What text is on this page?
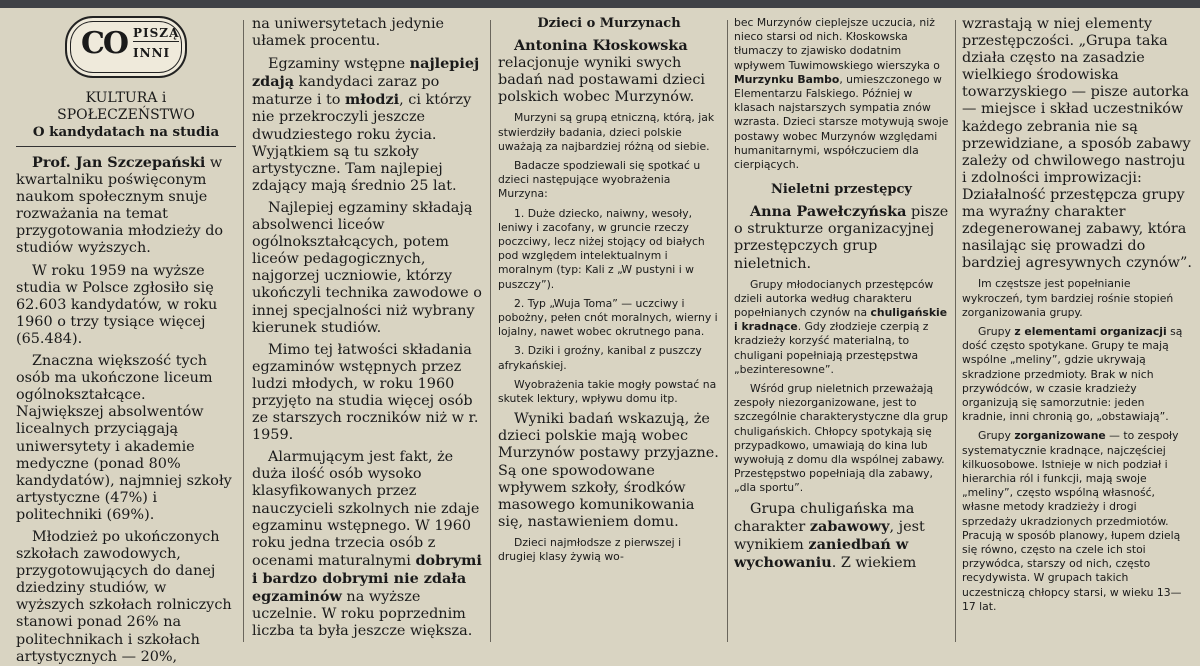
CO PISZĄ
INNI

KULTURA i SPOŁECZEŃSTWO

O kandydatach na studia

Prof. Jan Szczepański w kwartalniku poświęconym naukom społecznym snuje rozważania na temat przygotowania młodzieży do studiów wyższych.

W roku 1959 na wyższe studia w Polsce zgłosiło się 62.603 kandydatów, w roku 1960 o trzy tysiące więcej (65.484).

Znaczna większość tych osób ma ukończone liceum ogólnokształcące. Największej absolwentów licealnych przyciągają uniwersytety i akademie medyczne (ponad 80% kandydatów), najmniej szkoły artystyczne (47%) i politechniki (69%).

Młodzież po ukończonych szkołach zawodowych, przygotowujących do danej dziedziny studiów, w wyższych szkołach rolniczych stanowi ponad 26% na politechnikach i szkołach artystycznych — 20%,

na uniwersytetach jedynie ułamek procentu.

Egzaminy wstępne najlepiej zdają kandydaci zaraz po maturze i to młodzi, ci którzy nie przekroczyli jeszcze dwudziestego roku życia. Wyjątkiem są tu szkoły artystyczne. Tam najlepiej zdający mają średnio 25 lat.

Najlepiej egzaminy składają absolwenci liceów ogólnokształcących, potem liceów pedagogicznych, najgorzej uczniowie, którzy ukończyli technika zawodowe o innej specjalności niż wybrany kierunek studiów.

Mimo tej łatwości składania egzaminów wstępnych przez ludzi młodych, w roku 1960 przyjęto na studia więcej osób ze starszych roczników niż w r. 1959.

Alarmującym jest fakt, że duża ilość osób wysoko klasyfikowanych przez nauczycieli szkolnych nie zdaje egzaminu wstępnego. W 1960 roku jedna trzecia osób z ocenami maturalnymi dobrymi i bardzo dobrymi nie zdała egzaminów na wyższe uczelnie. W roku poprzednim liczba ta była jeszcze większa.

Dzieci o Murzynach

Antonina Kłoskowska relacjonuje wyniki swych badań nad postawami dzieci polskich wobec Murzynów.

Murzyni są grupą etniczną, którą, jak stwierdziły badania, dzieci polskie uważają za najbardziej różną od siebie.

Badacze spodziewali się spotkać u dzieci następujące wyobrażenia Murzyna:

1. Duże dziecko, naiwny, wesoły, leniwy i zacofany, w gruncie rzeczy poczciwy, lecz niżej stojący od białych pod względem intelektualnym i moralnym (typ: Kali z „W pustyni i w puszczy”).

2. Typ „Wuja Toma” — uczciwy i pobożny, pełen cnót moralnych, wierny i lojalny, nawet wobec okrutnego pana.

3. Dziki i groźny, kanibal z puszczy afrykańskiej.

Wyobrażenia takie mogły powstać na skutek lektury, wpływu domu itp.

Wyniki badań wskazują, że dzieci polskie mają wobec Murzynów postawy przyjazne. Są one spowodowane wpływem szkoły, środków masowego komunikowania się, nastawieniem domu.

Dzieci najmłodsze z pierwszej i drugiej klasy żywią wo-

bec Murzynów cieplejsze uczucia, niż nieco starsi od nich. Kłoskowska tłumaczy to zjawisko dodatnim wpływem Tuwimowskiego wierszyka o Murzynku Bambo, umieszczonego w Elementarzu Falskiego. Później w klasach najstarszych sympatia znów wzrasta. Dzieci starsze motywują swoje postawy wobec Murzynów względami humanitarnymi, współczuciem dla cierpiących.

Nieletni przestępcy

Anna Pawełczyńska pisze o strukturze organizacyjnej przestępczych grup nieletnich.

Grupy młodocianych przestępców dzieli autorka według charakteru popełnianych czynów na chuligańskie i kradnące. Gdy złodzieje czerpią z kradzieży korzyść materialną, to chuligani popełniają przestępstwa „bezinteresowne”.

Wśród grup nieletnich przeważają zespoły niezorganizowane, jest to szczególnie charakterystyczne dla grup chuligańskich. Chłopcy spotykają się przypadkowo, umawiają do kina lub wywołują z domu dla wspólnej zabawy. Przestępstwo popełniają dla zabawy, „dla sportu”.

Grupa chuligańska ma charakter zabawowy, jest wynikiem zaniedbań w wychowaniu. Z wiekiem

wzrastają w niej elementy przestępczości. „Grupa taka działa często na zasadzie wielkiego środowiska towarzyskiego — pisze autorka — miejsce i skład uczestników każdego zebrania nie są przewidziane, a sposób zabawy zależy od chwilowego nastroju i zdolności improwizacji: Działalność przestępcza grupy ma wyraźny charakter zdegenerowanej zabawy, która nasilając się prowadzi do bardziej agresywnych czynów”.

Im częstsze jest popełnianie wykroczeń, tym bardziej rośnie stopień zorganizowania grupy.

Grupy z elementami organizacji są dość często spotykane. Grupy te mają wspólne „meliny”, gdzie ukrywają skradzione przedmioty. Brak w nich przywódców, w czasie kradzieży organizują się samorzutnie: jeden kradnie, inni chronią go, „obstawiają”.

Grupy zorganizowane — to zespoły systematycznie kradnące, najczęściej kilkuosobowe. Istnieje w nich podział i hierarchia ról i funkcji, mają swoje „meliny”, często wspólną własność, własne metody kradzieży i drogi sprzedaży ukradzionych przedmiotów. Pracują w sposób planowy, łupem dzielą się równo, często na czele ich stoi przywódca, starszy od nich, często recydywista. W grupach takich uczestniczą chłopcy starsi, w wieku 13—17 lat.
